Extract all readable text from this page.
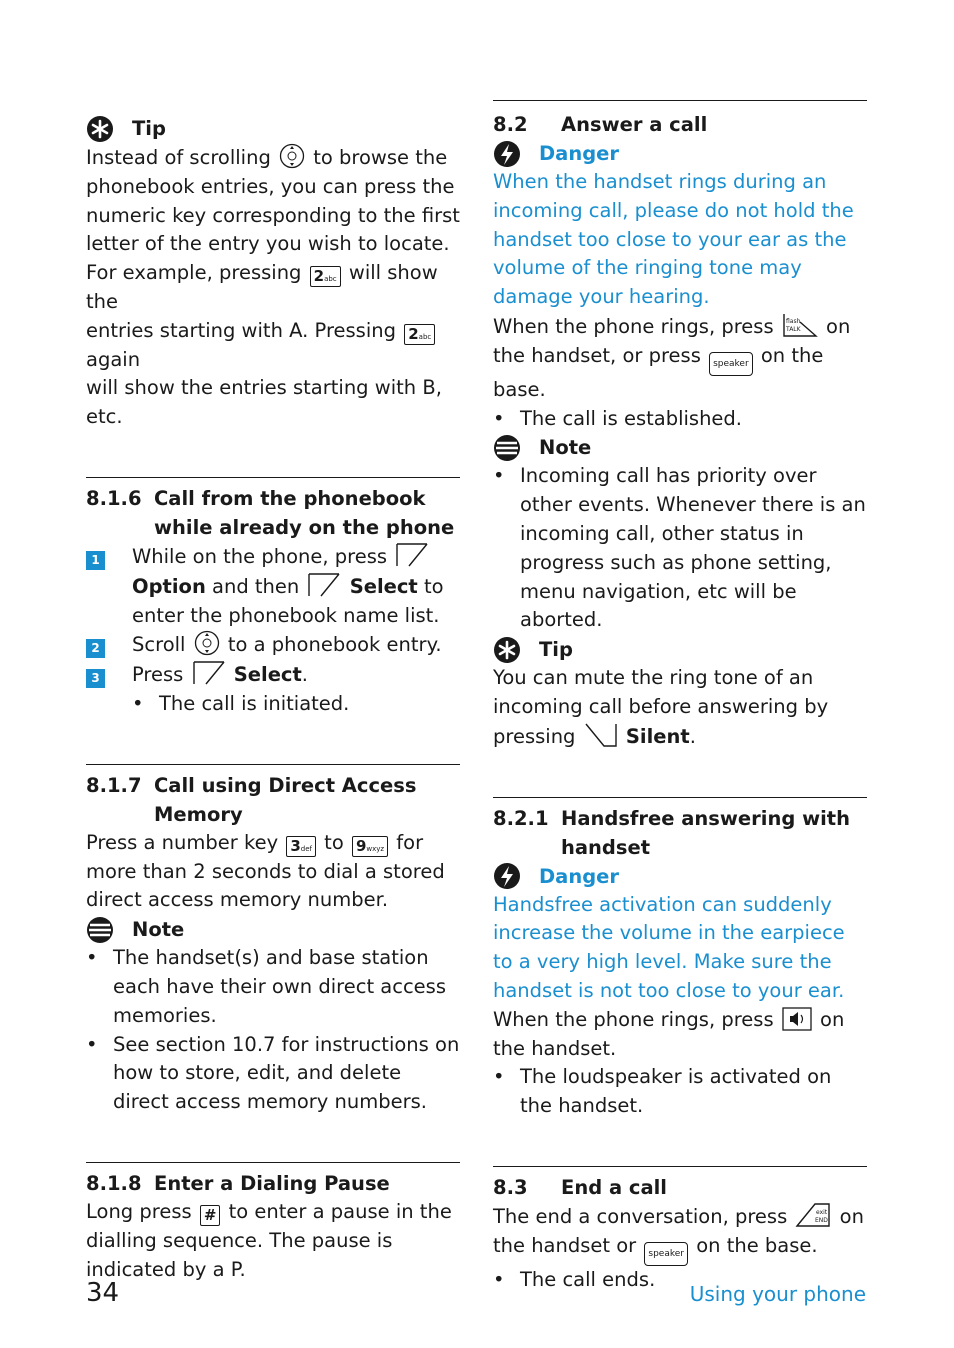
Tip

Instead of scrolling to browse the
phonebook entries, you can press the
numeric key corresponding to the first
letter of the entry you wish to locate.
For example, pressing 2abc will show the
entries starting with A. Pressing 2abc again
will show the entries starting with B, etc.

8.1.6 Call from the phonebook while already on the phone
1	While on the phone, press
Option and then	Select to enter the phonebook name list.
2	Scroll to a phonebook entry.
3	Press	Select.
• The call is initiated.
8.1.7 Call using Direct Access Memory

Press a number key 3def to 9wxyz for more than 2 seconds to dial a stored direct access memory number.

Note
• The handset(s) and base station each have their own direct access memories.
• See section 10.7 for instructions on how to store, edit, and delete direct access memory numbers.
8.1.8 Enter a Dialing Pause

Long press # to enter a pause in the dialling sequence. The pause is indicated by a P.

8.2	Answer a call
Danger

When the handset rings during an incoming call, please do not hold the handset too close to your ear as the volume of the ringing tone may damage your hearing.

When the phone rings, press flash
TALK on the handset, or press speaker on the base.

• The call is established.
Note
• Incoming call has priority over other events. Whenever there is an incoming call, other status in progress such as phone setting, menu navigation, etc will be aborted.
Tip

You can mute the ring tone of an incoming call before answering by pressing	Silent.

8.2.1 Handsfree answering with handset
Danger

Handsfree activation can suddenly increase the volume in the earpiece to a very high level. Make sure the handset is not too close to your ear.

When the phone rings, press on the handset.

• The loudspeaker is activated on the handset.
8.3	End a call

The end a conversation, press	exit
END on the handset or speaker on the base.

• The call ends.
34	Using your phone
